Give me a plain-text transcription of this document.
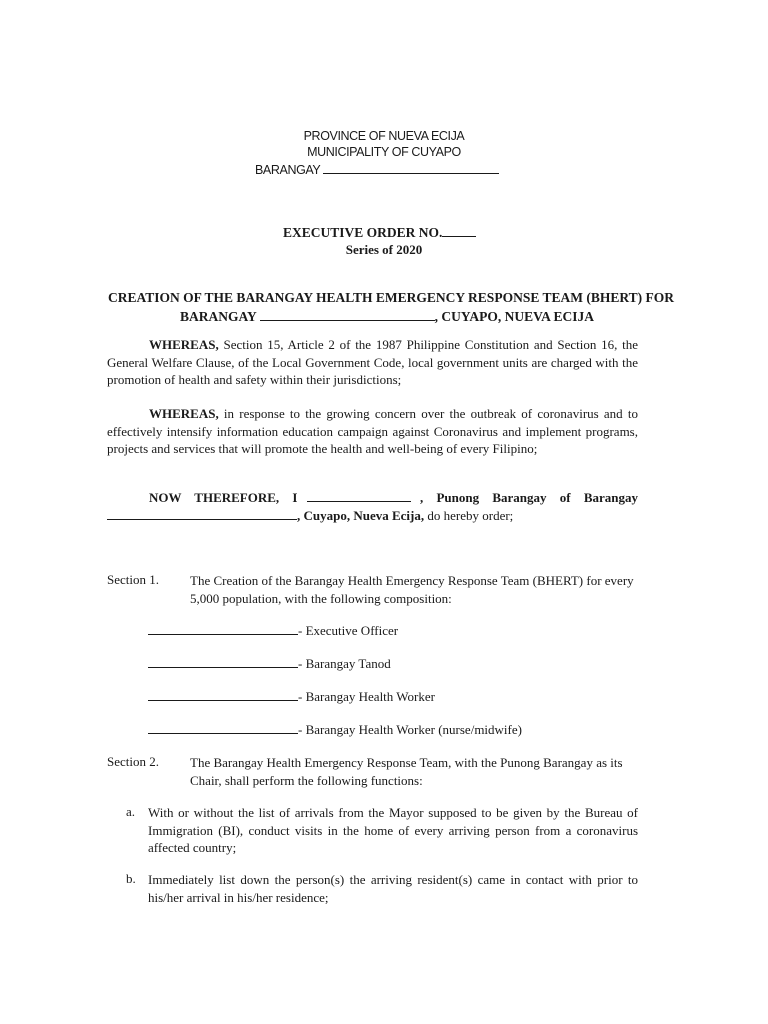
PROVINCE OF NUEVA ECIJA
MUNICIPALITY OF CUYAPO
BARANGAY
EXECUTIVE ORDER NO.
Series of 2020
CREATION OF THE BARANGAY HEALTH EMERGENCY RESPONSE TEAM (BHERT) FOR
BARANGAY	, CUYAPO, NUEVA ECIJA

WHEREAS, Section 15, Article 2 of the 1987 Philippine Constitution and Section 16, the General Welfare Clause, of the Local Government Code, local government units are charged with the promotion of health and safety within their jurisdictions;

WHEREAS, in response to the growing concern over the outbreak of coronavirus and to effectively intensify information education campaign against Coronavirus and implement programs, projects and services that will promote the health and well-being of every Filipino;

NOW THEREFORE, I	, Punong Barangay of Barangay
, Cuyapo, Nueva Ecija, do hereby order;
Section 1. The Creation of the Barangay Health Emergency Response Team (BHERT) for every 5,000 population, with the following composition:

- Executive Officer
- Barangay Tanod
- Barangay Health Worker
- Barangay Health Worker (nurse/midwife)
Section 2. The Barangay Health Emergency Response Team, with the Punong Barangay as its Chair, shall perform the following functions:

a. With or without the list of arrivals from the Mayor supposed to be given by the Bureau of Immigration (BI), conduct visits in the home of every arriving person from a coronavirus affected country;

b. Immediately list down the person(s) the arriving resident(s) came in contact with prior to his/her arrival in his/her residence;
